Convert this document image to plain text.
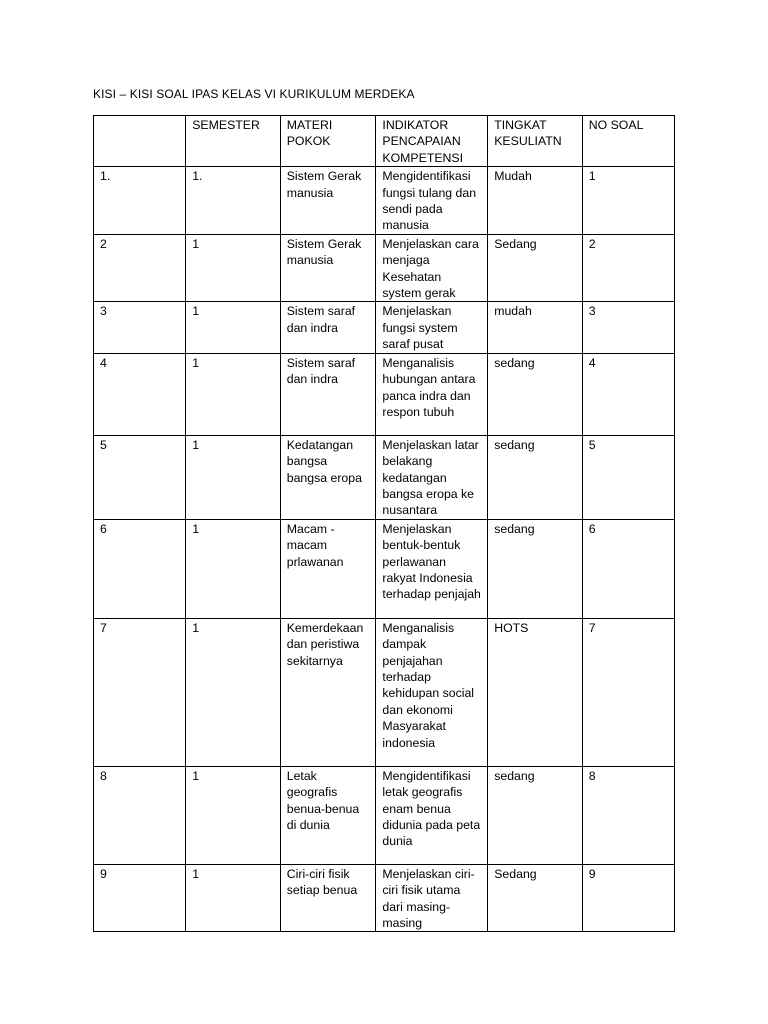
KISI – KISI SOAL IPAS KELAS VI KURIKULUM MERDEKA
	SEMESTER	MATERI POKOK	INDIKATOR PENCAPAIAN KOMPETENSI	TINGKAT KESULIATN	NO SOAL
1.	1.	Sistem Gerak manusia	Mengidentifikasi fungsi tulang dan sendi pada manusia	Mudah	1
2	1	Sistem Gerak manusia	Menjelaskan cara menjaga Kesehatan system gerak	Sedang	2
3	1	Sistem saraf dan indra	Menjelaskan fungsi system saraf pusat	mudah	3
4	1	Sistem saraf dan indra	Menganalisis hubungan antara panca indra dan respon tubuh	sedang	4
5	1	Kedatangan bangsa bangsa eropa	Menjelaskan latar belakang kedatangan bangsa eropa ke nusantara	sedang	5
6	1	Macam - macam prlawanan	Menjelaskan bentuk-bentuk perlawanan rakyat Indonesia terhadap penjajah	sedang	6
7	1	Kemerdekaan dan peristiwa sekitarnya	Menganalisis dampak penjajahan terhadap kehidupan social dan ekonomi Masyarakat indonesia	HOTS	7
8	1	Letak geografis benua-benua di dunia	Mengidentifikasi letak geografis enam benua didunia pada peta dunia	sedang	8
9	1	Ciri-ciri fisik setiap benua	Menjelaskan ciri-ciri fisik utama dari masing-masing	Sedang	9
